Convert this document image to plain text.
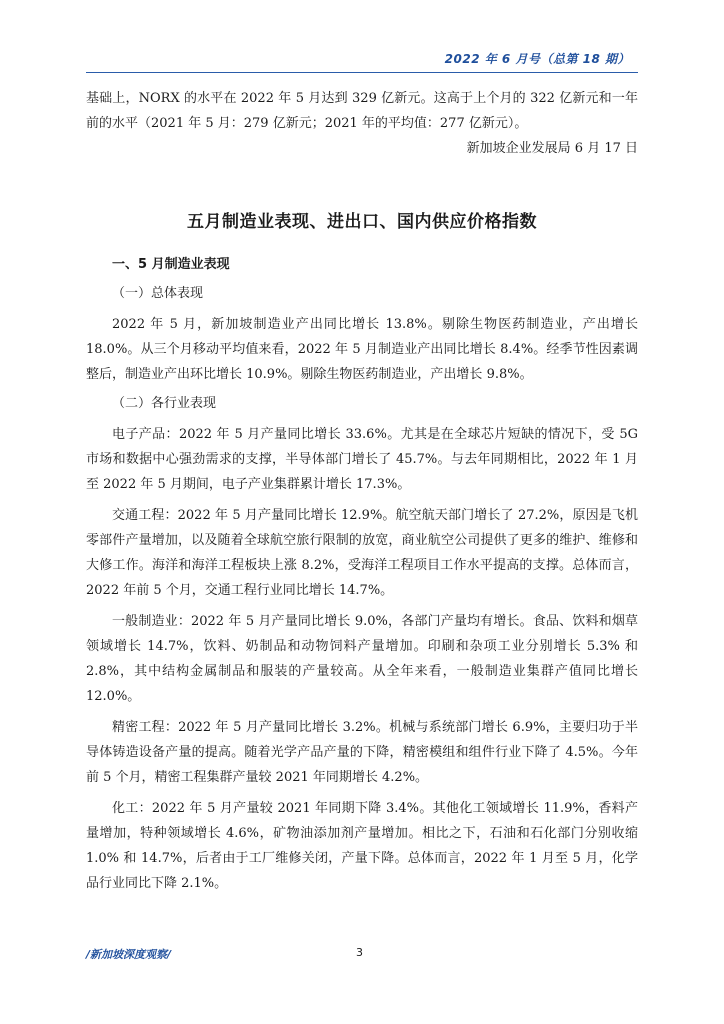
2022 年 6 月号（总第 18 期）

基础上，NORX 的水平在 2022 年 5 月达到 329 亿新元。这高于上个月的 322 亿新元和一年前的水平（2021 年 5 月：279 亿新元；2021 年的平均值：277 亿新元）。

新加坡企业发展局 6 月 17 日
五月制造业表现、进出口、国内供应价格指数
一、5 月制造业表现
（一）总体表现

2022 年 5 月，新加坡制造业产出同比增长 13.8%。剔除生物医药制造业，产出增长 18.0%。从三个月移动平均值来看，2022 年 5 月制造业产出同比增长 8.4%。经季节性因素调整后，制造业产出环比增长 10.9%。剔除生物医药制造业，产出增长 9.8%。

（二）各行业表现

电子产品：2022 年 5 月产量同比增长 33.6%。尤其是在全球芯片短缺的情况下，受 5G 市场和数据中心强劲需求的支撑，半导体部门增长了 45.7%。与去年同期相比，2022 年 1 月至 2022 年 5 月期间，电子产业集群累计增长 17.3%。

交通工程：2022 年 5 月产量同比增长 12.9%。航空航天部门增长了 27.2%，原因是飞机零部件产量增加，以及随着全球航空旅行限制的放宽，商业航空公司提供了更多的维护、维修和大修工作。海洋和海洋工程板块上涨 8.2%，受海洋工程项目工作水平提高的支撑。总体而言，2022 年前 5 个月，交通工程行业同比增长 14.7%。

一般制造业：2022 年 5 月产量同比增长 9.0%，各部门产量均有增长。食品、饮料和烟草领域增长 14.7%，饮料、奶制品和动物饲料产量增加。印刷和杂项工业分别增长 5.3% 和 2.8%，其中结构金属制品和服装的产量较高。从全年来看，一般制造业集群产值同比增长 12.0%。

精密工程：2022 年 5 月产量同比增长 3.2%。机械与系统部门增长 6.9%，主要归功于半导体铸造设备产量的提高。随着光学产品产量的下降，精密模组和组件行业下降了 4.5%。今年前 5 个月，精密工程集群产量较 2021 年同期增长 4.2%。

化工：2022 年 5 月产量较 2021 年同期下降 3.4%。其他化工领域增长 11.9%，香料产量增加，特种领域增长 4.6%，矿物油添加剂产量增加。相比之下，石油和石化部门分别收缩 1.0% 和 14.7%，后者由于工厂维修关闭，产量下降。总体而言，2022 年 1 月至 5 月，化学品行业同比下降 2.1%。

/新加坡深度观察/	3
